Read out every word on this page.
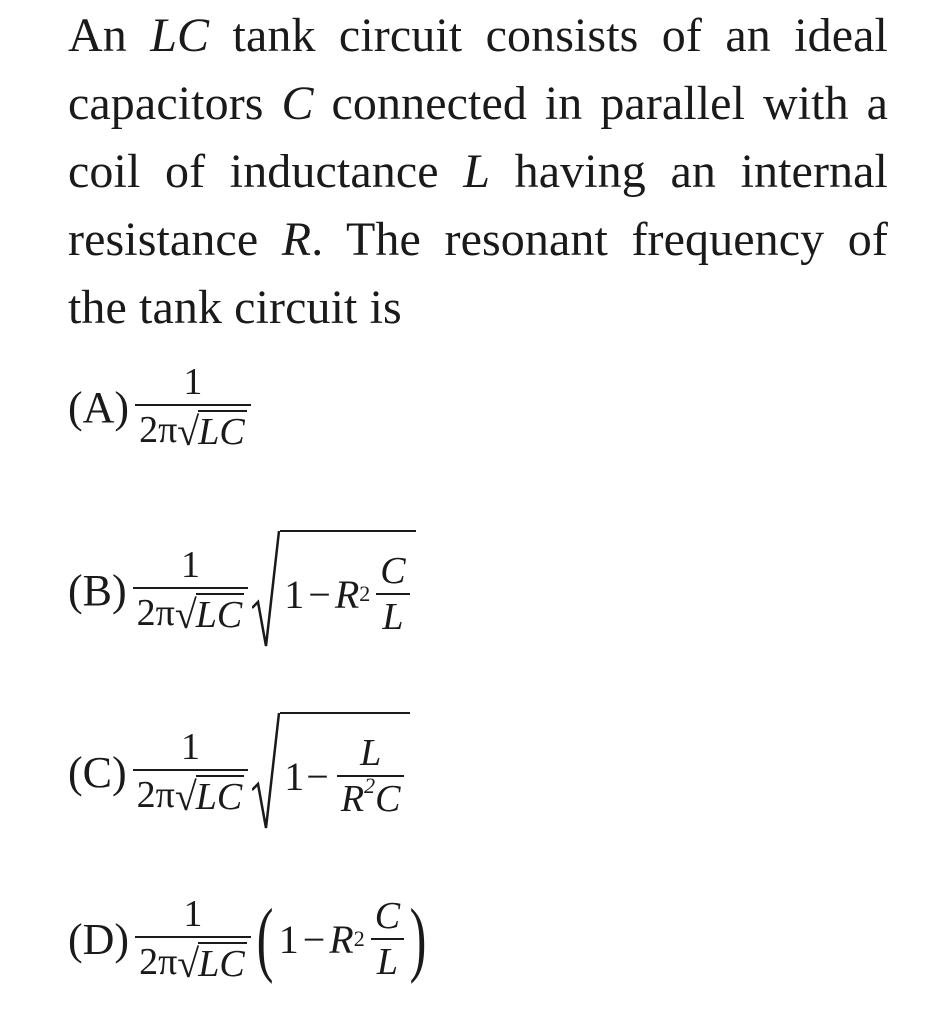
An LC tank circuit consists of an ideal capacitors C connected in parallel with a coil of inductance L having an internal resistance R. The resonant frequency of the tank circuit is
$(A) \frac{1}{2\pi √ LC}$
$(B) \frac{1}{2\pi √ LC} 1 - R$ 2
C
L
$(C) \frac{1}{2\pi √ LC} 1$ −
L
$R^2C$
$(D) \frac{1}{2\pi √ LC}$ ( 1 − R 2
C
L )
